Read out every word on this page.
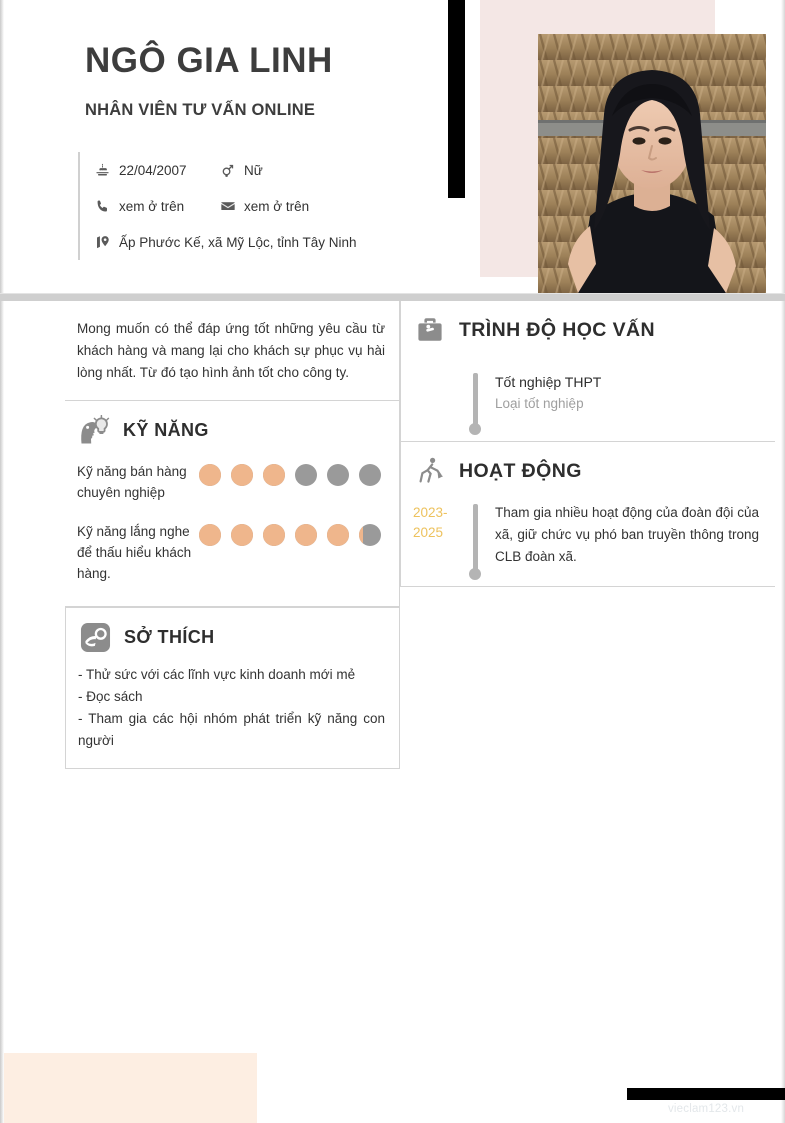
NGÔ GIA LINH
NHÂN VIÊN TƯ VẤN ONLINE
22/04/2007	Nữ
xem ở trên	xem ở trên
Ấp Phước Kế, xã Mỹ Lộc, tỉnh Tây Ninh
Mong muốn có thể đáp ứng tốt những yêu cầu từ khách hàng và mang lại cho khách sự phục vụ hài lòng nhất. Từ đó tạo hình ảnh tốt cho công ty.
KỸ NĂNG
Kỹ năng bán hàng chuyên nghiệp
Kỹ năng lắng nghe để thấu hiểu khách hàng.
SỞ THÍCH
- Thử sức với các lĩnh vực kinh doanh mới mẻ
- Đọc sách
- Tham gia các hội nhóm phát triển kỹ năng con người
TRÌNH ĐỘ HỌC VẤN
Tốt nghiệp THPT
Loại tốt nghiệp
HOẠT ĐỘNG
2023-2025
Tham gia nhiều hoạt động của đoàn đội của xã, giữ chức vụ phó ban truyền thông trong CLB đoàn xã.
vieclam123.vn
